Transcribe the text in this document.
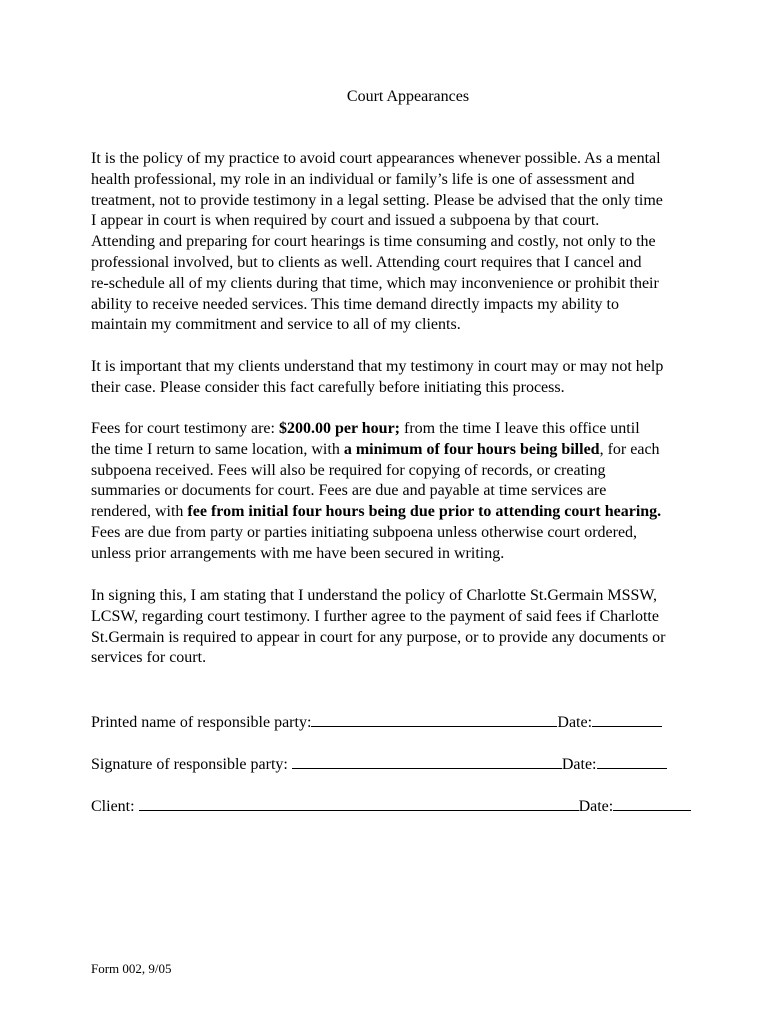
Court Appearances
It is the policy of my practice to avoid court appearances whenever possible. As a mental
health professional, my role in an individual or family’s life is one of assessment and
treatment, not to provide testimony in a legal setting. Please be advised that the only time
I appear in court is when required by court and issued a subpoena by that court.
Attending and preparing for court hearings is time consuming and costly, not only to the
professional involved, but to clients as well. Attending court requires that I cancel and
re-schedule all of my clients during that time, which may inconvenience or prohibit their
ability to receive needed services. This time demand directly impacts my ability to
maintain my commitment and service to all of my clients.
It is important that my clients understand that my testimony in court may or may not help
their case. Please consider this fact carefully before initiating this process.
Fees for court testimony are: $200.00 per hour; from the time I leave this office until
the time I return to same location, with a minimum of four hours being billed, for each
subpoena received. Fees will also be required for copying of records, or creating
summaries or documents for court. Fees are due and payable at time services are
rendered, with fee from initial four hours being due prior to attending court hearing.
Fees are due from party or parties initiating subpoena unless otherwise court ordered,
unless prior arrangements with me have been secured in writing.
In signing this, I am stating that I understand the policy of Charlotte St.Germain MSSW,
LCSW, regarding court testimony. I further agree to the payment of said fees if Charlotte
St.Germain is required to appear in court for any purpose, or to provide any documents or
services for court.
Printed name of responsible party:	Date:
Signature of responsible party:	Date:
Client:	Date:
Form 002, 9/05
